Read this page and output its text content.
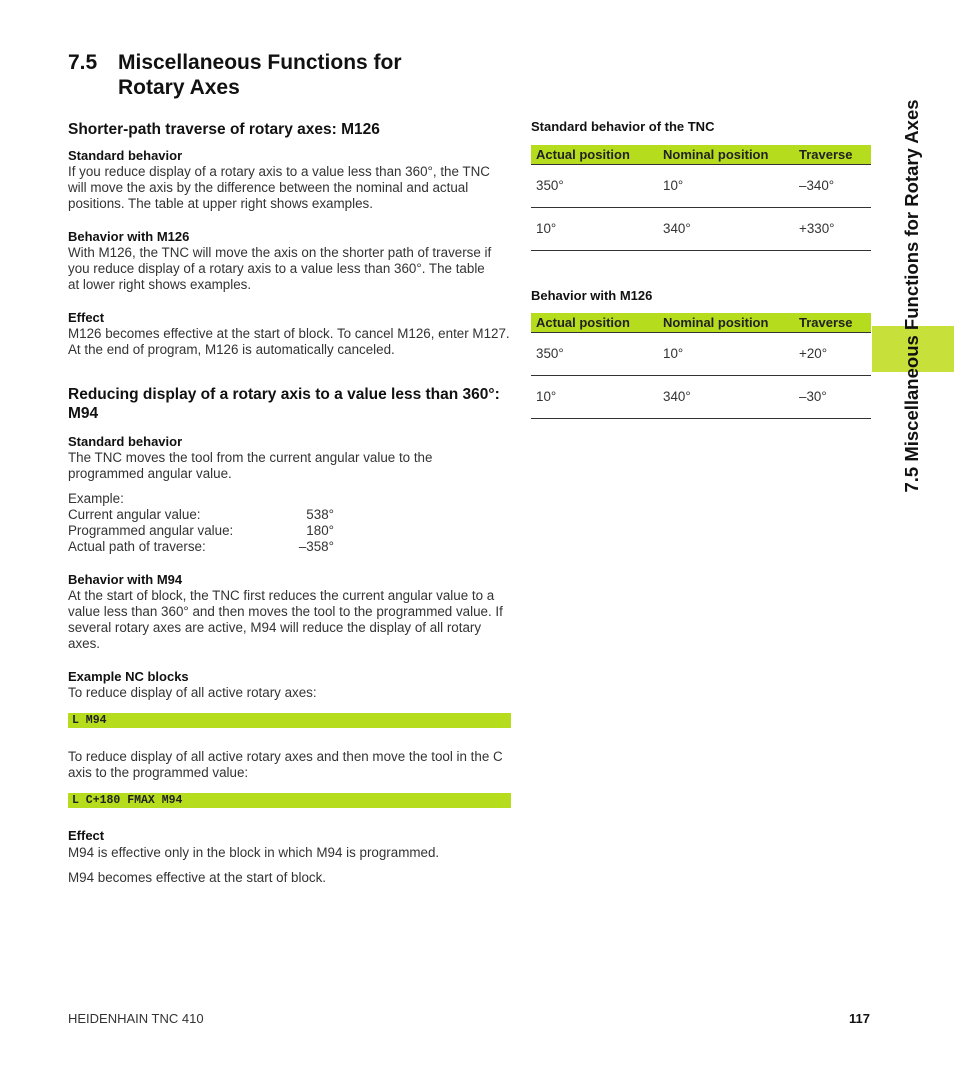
7.5 Miscellaneous Functions for
Rotary Axes
Shorter-path traverse of rotary axes: M126
Standard behavior

If you reduce display of a rotary axis to a value less than 360°, the TNC will move the axis by the difference between the nominal and actual positions. The table at upper right shows examples.

Behavior with M126

With M126, the TNC will move the axis on the shorter path of traverse if you reduce display of a rotary axis to a value less than 360°. The table at lower right shows examples.

Effect

M126 becomes effective at the start of block. To cancel M126, enter M127. At the end of program, M126 is automatically canceled.

Reducing display of a rotary axis to a value less than 360°: M94
Standard behavior

The TNC moves the tool from the current angular value to the programmed angular value.

Example:

Current angular value:	538°
Programmed angular value:	180°
Actual path of traverse:	–358°
Behavior with M94

At the start of block, the TNC first reduces the current angular value to a value less than 360° and then moves the tool to the programmed value. If several rotary axes are active, M94 will reduce the display of all rotary axes.

Example NC blocks

To reduce display of all active rotary axes:

L M94

To reduce display of all active rotary axes and then move the tool in the C axis to the programmed value:

L C+180 FMAX M94
Effect

M94 is effective only in the block in which M94 is programmed.

M94 becomes effective at the start of block.

Standard behavior of the TNC
Actual position	Nominal position	Traverse
350°	10°	–340°
10°	340°	+330°
Behavior with M126
Actual position	Nominal position	Traverse
350°	10°	+20°
10°	340°	–30°	7.5 Miscellaneous Functions for Rotary Axes
HEIDENHAIN TNC 410	117
